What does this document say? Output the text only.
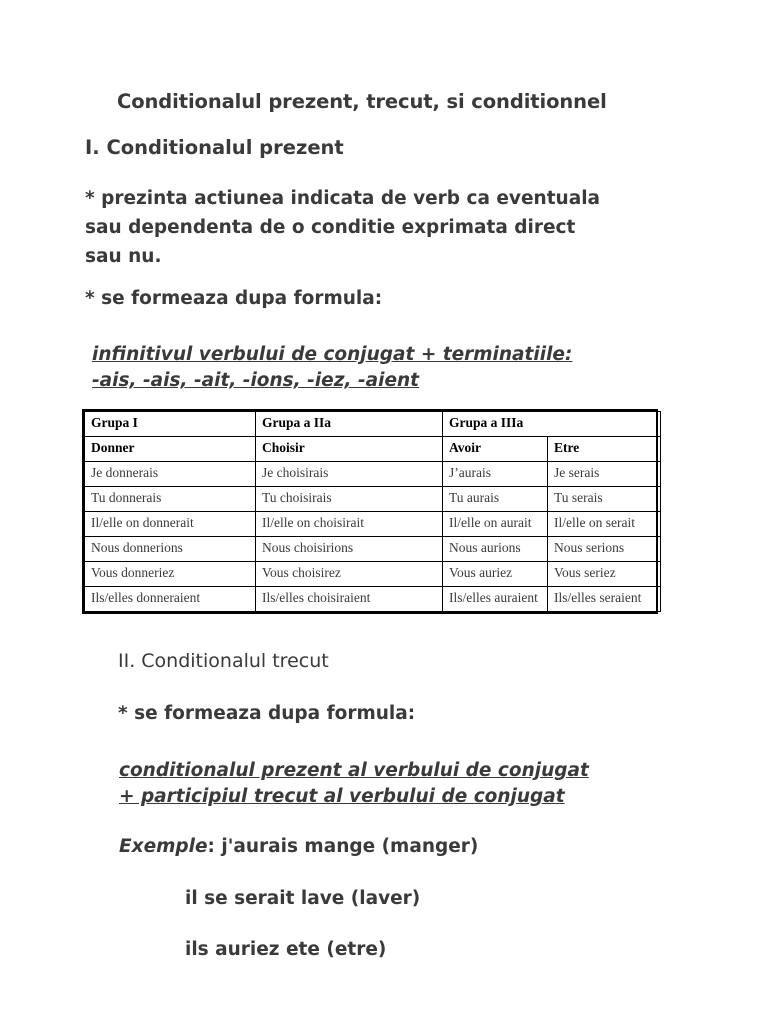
Conditionalul prezent, trecut, si conditionnel
I. Conditionalul prezent
* prezinta actiunea indicata de verb ca eventuala sau dependenta de o conditie exprimata direct sau nu.
* se formeaza dupa formula:
infinitivul verbului de conjugat + terminatiile:
-ais, -ais, -ait, -ions, -iez, -aient
Grupa I	Grupa a IIa	Grupa a IIIa	
Donner	Choisir	Avoir	Etre
Je donnerais	Je choisirais	J’aurais	Je serais
Tu donnerais	Tu choisirais	Tu aurais	Tu serais
Il/elle on donnerait	Il/elle on choisirait	Il/elle on aurait	Il/elle on serait
Nous donnerions	Nous choisirions	Nous aurions	Nous serions
Vous donneriez	Vous choisirez	Vous auriez	Vous seriez
Ils/elles donneraient	Ils/elles choisiraient	Ils/elles auraient	Ils/elles seraient
II. Conditionalul trecut
* se formeaza dupa formula:
conditionalul prezent al verbului de conjugat
+ participiul trecut al verbului de conjugat
Exemple: j'aurais mange (manger)
il se serait lave (laver)
ils auriez ete (etre)
